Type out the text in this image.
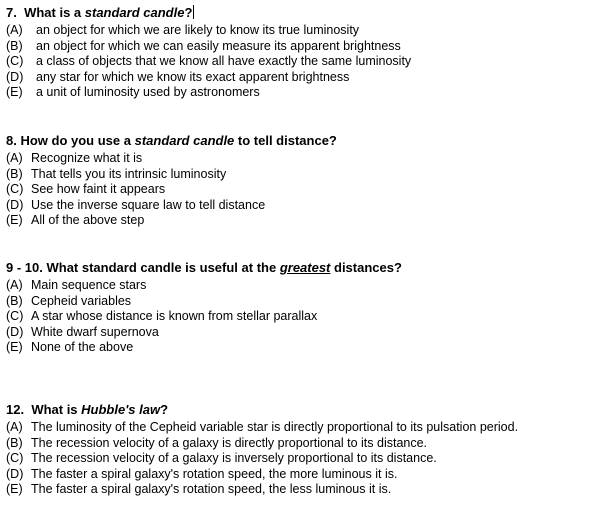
7. What is a standard candle?
(A)	an object for which we are likely to know its true luminosity
(B)	an object for which we can easily measure its apparent brightness
(C)	a class of objects that we know all have exactly the same luminosity
(D)	any star for which we know its exact apparent brightness
(E)	a unit of luminosity used by astronomers
8. How do you use a standard candle to tell distance?
(A) Recognize what it is
(B) That tells you its intrinsic luminosity
(C) See how faint it appears
(D) Use the inverse square law to tell distance
(E) All of the above step
9 - 10. What standard candle is useful at the greatest distances?
(A) Main sequence stars
(B) Cepheid variables
(C) A star whose distance is known from stellar parallax
(D) White dwarf supernova
(E) None of the above
12. What is Hubble's law?
(A) The luminosity of the Cepheid variable star is directly proportional to its pulsation period.
(B) The recession velocity of a galaxy is directly proportional to its distance.
(C) The recession velocity of a galaxy is inversely proportional to its distance.
(D) The faster a spiral galaxy's rotation speed, the more luminous it is.
(E) The faster a spiral galaxy's rotation speed, the less luminous it is.
